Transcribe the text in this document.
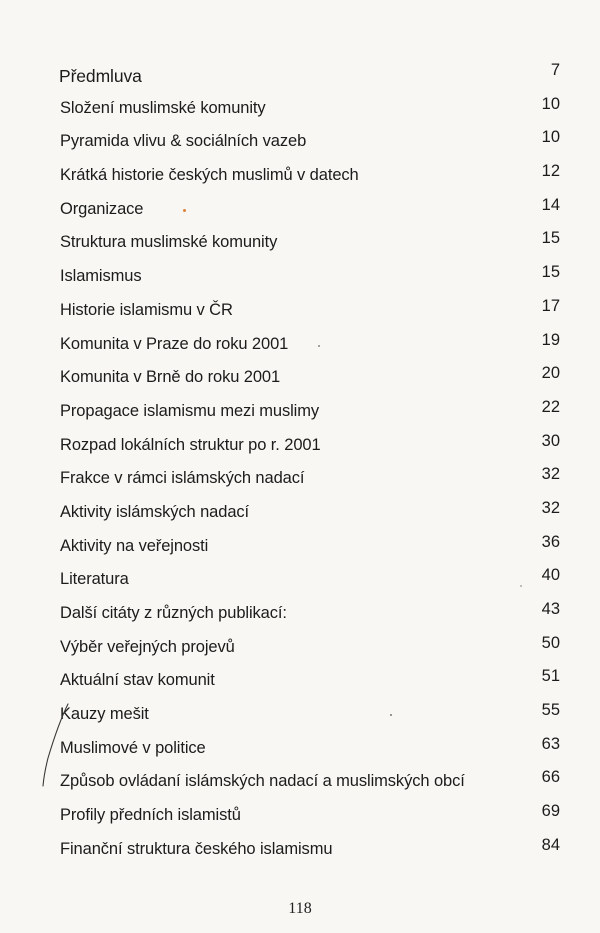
Předmluva	7
Složení muslimské komunity	10
Pyramida vlivu & sociálních vazeb	10
Krátká historie českých muslimů v datech	12
Organizace	14
Struktura muslimské komunity	15
Islamismus	15
Historie islamismu v ČR	17
Komunita v Praze do roku 2001	19
Komunita v Brně do roku 2001	20
Propagace islamismu mezi muslimy	22
Rozpad lokálních struktur po r. 2001	30
Frakce v rámci islámských nadací	32
Aktivity islámských nadací	32
Aktivity na veřejnosti	36
Literatura	40
Další citáty z různých publikací:	43
Výběr veřejných projevů	50
Aktuální stav komunit	51
Kauzy mešit	55
Muslimové v politice	63
Způsob ovládaní islámských nadací a muslimských obcí	66
Profily předních islamistů	69
Finanční struktura českého islamismu	84
118
